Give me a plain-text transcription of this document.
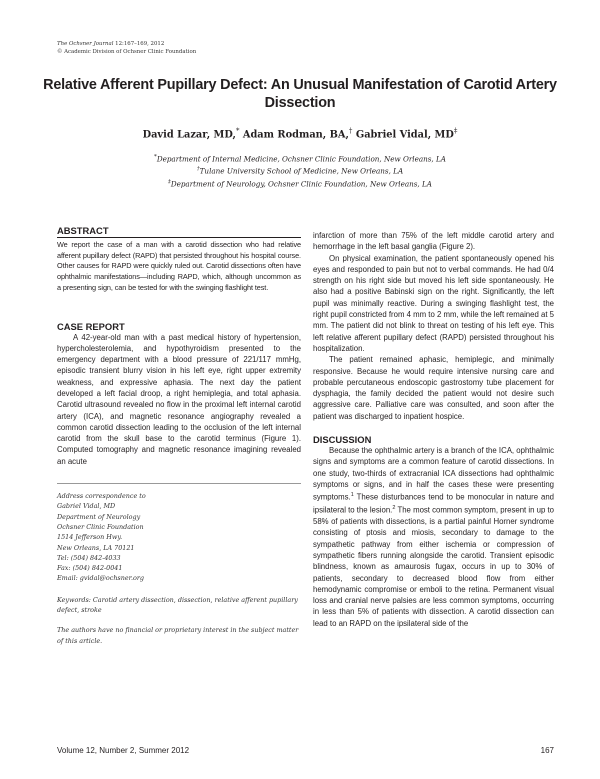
The Ochsner Journal 12:167–169, 2012
© Academic Division of Ochsner Clinic Foundation
Relative Afferent Pupillary Defect: An Unusual Manifestation of Carotid Artery Dissection
David Lazar, MD,* Adam Rodman, BA,† Gabriel Vidal, MD‡
*Department of Internal Medicine, Ochsner Clinic Foundation, New Orleans, LA
†Tulane University School of Medicine, New Orleans, LA
‡Department of Neurology, Ochsner Clinic Foundation, New Orleans, LA

ABSTRACT

We report the case of a man with a carotid dissection who had relative afferent pupillary defect (RAPD) that persisted throughout his hospital course. Other causes for RAPD were quickly ruled out. Carotid dissections often have ophthalmic manifestations—including RAPD, which, although uncommon as a presenting sign, can be tested for with the swinging flashlight test.

CASE REPORT

A 42-year-old man with a past medical history of hypertension, hypercholesterolemia, and hypothyroidism presented to the emergency department with a blood pressure of 221/117 mmHg, episodic transient blurry vision in his left eye, right upper extremity weakness, and expressive aphasia. The next day the patient developed a left facial droop, a right hemiplegia, and total aphasia. Carotid ultrasound revealed no flow in the proximal left internal carotid artery (ICA), and magnetic resonance angiography revealed a common carotid dissection leading to the occlusion of the left internal carotid from the skull base to the carotid terminus (Figure 1). Computed tomography and magnetic resonance imagining revealed an acute

Address correspondence to

Gabriel Vidal, MD

Department of Neurology

Ochsner Clinic Foundation

1514 Jefferson Hwy.

New Orleans, LA 70121

Tel: (504) 842-4033

Fax: (504) 842-0041

Email: gvidal@ochsner.org

Keywords: Carotid artery dissection, dissection, relative afferent pupillary defect, stroke

The authors have no financial or proprietary interest in the subject matter of this article.

infarction of more than 75% of the left middle carotid artery and hemorrhage in the left basal ganglia (Figure 2).

On physical examination, the patient spontaneously opened his eyes and responded to pain but not to verbal commands. He had 0/4 strength on his right side but moved his left side spontaneously. He also had a positive Babinski sign on the right. Significantly, the left pupil was minimally reactive. During a swinging flashlight test, the right pupil constricted from 4 mm to 2 mm, while the left remained at 5 mm. The patient did not blink to threat on testing of his left eye. This left relative afferent pupillary defect (RAPD) persisted throughout his hospitalization.

The patient remained aphasic, hemiplegic, and minimally responsive. Because he would require intensive nursing care and probable percutaneous endoscopic gastrostomy tube placement for dysphagia, the family decided the patient would not desire such aggressive care. Palliative care was consulted, and soon after the patient was discharged to inpatient hospice.

DISCUSSION

Because the ophthalmic artery is a branch of the ICA, ophthalmic signs and symptoms are a common feature of carotid dissections. In one study, two-thirds of extracranial ICA dissections had ophthalmic symptoms or signs, and in half the cases these were presenting symptoms.$^1$ These disturbances tend to be monocular in nature and ipsilateral to the lesion.$^2$ The most common symptom, present in up to 58% of patients with dissections, is a partial painful Horner syndrome consisting of ptosis and miosis, secondary to damage to the sympathetic pathway from either ischemia or compression of sympathetic fibers running alongside the carotid. Transient episodic blindness, known as amaurosis fugax, occurs in up to 30% of patients, secondary to decreased blood flow from either hemodynamic compromise or emboli to the retina. Permanent visual loss and cranial nerve palsies are less common symptoms, occurring in less than 5% of patients with dissection. A carotid dissection can lead to an RAPD on the ipsilateral side of the

Volume 12, Number 2, Summer 2012	167
